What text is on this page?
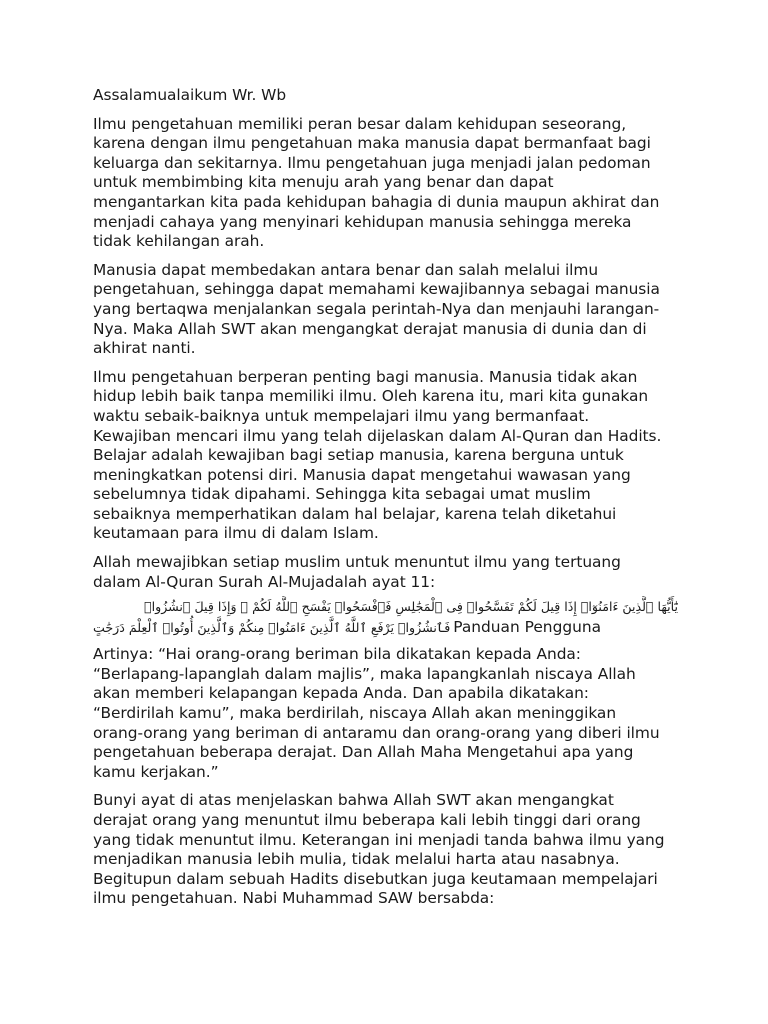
Assalamualaikum Wr. Wb
Ilmu pengetahuan memiliki peran besar dalam kehidupan seseorang,
karena dengan ilmu pengetahuan maka manusia dapat bermanfaat bagi
keluarga dan sekitarnya. Ilmu pengetahuan juga menjadi jalan pedoman
untuk membimbing kita menuju arah yang benar dan dapat
mengantarkan kita pada kehidupan bahagia di dunia maupun akhirat dan
menjadi cahaya yang menyinari kehidupan manusia sehingga mereka
tidak kehilangan arah.
Manusia dapat membedakan antara benar dan salah melalui ilmu
pengetahuan, sehingga dapat memahami kewajibannya sebagai manusia
yang bertaqwa menjalankan segala perintah-Nya dan menjauhi larangan-
Nya. Maka Allah SWT akan mengangkat derajat manusia di dunia dan di
akhirat nanti.
Ilmu pengetahuan berperan penting bagi manusia. Manusia tidak akan
hidup lebih baik tanpa memiliki ilmu. Oleh karena itu, mari kita gunakan
waktu sebaik-baiknya untuk mempelajari ilmu yang bermanfaat.
Kewajiban mencari ilmu yang telah dijelaskan dalam Al-Quran dan Hadits.
Belajar adalah kewajiban bagi setiap manusia, karena berguna untuk
meningkatkan potensi diri. Manusia dapat mengetahui wawasan yang
sebelumnya tidak dipahami. Sehingga kita sebagai umat muslim
sebaiknya memperhatikan dalam hal belajar, karena telah diketahui
keutamaan para ilmu di dalam Islam.
Allah mewajibkan setiap muslim untuk menuntut ilmu yang tertuang
dalam Al-Quran Surah Al-Mujadalah ayat 11:
يَٰٓأَيُّهَا ٱلَّذِينَ ءَامَنُوٓا۟ إِذَا قِيلَ لَكُمْ تَفَسَّحُوا۟ فِى ٱلْمَجَٰلِسِ فَٱفْسَحُوا۟ يَفْسَحِ ٱللَّهُ لَكُمْ ۖ وَإِذَا قِيلَ ٱنشُزُوا۟
Panduan Pengguna
فَٱنشُزُوا۟ يَرْفَعِ ٱللَّهُ ٱلَّذِينَ ءَامَنُوا۟ مِنكُمْ وَٱلَّذِينَ أُوتُوا۟ ٱلْعِلْمَ دَرَجَٰتٍ
Artinya: “Hai orang-orang beriman bila dikatakan kepada Anda:
“Berlapang-lapanglah dalam majlis”, maka lapangkanlah niscaya Allah
akan memberi kelapangan kepada Anda. Dan apabila dikatakan:
“Berdirilah kamu”, maka berdirilah, niscaya Allah akan meninggikan
orang-orang yang beriman di antaramu dan orang-orang yang diberi ilmu
pengetahuan beberapa derajat. Dan Allah Maha Mengetahui apa yang
kamu kerjakan.”
Bunyi ayat di atas menjelaskan bahwa Allah SWT akan mengangkat
derajat orang yang menuntut ilmu beberapa kali lebih tinggi dari orang
yang tidak menuntut ilmu. Keterangan ini menjadi tanda bahwa ilmu yang
menjadikan manusia lebih mulia, tidak melalui harta atau nasabnya.
Begitupun dalam sebuah Hadits disebutkan juga keutamaan mempelajari
ilmu pengetahuan. Nabi Muhammad SAW bersabda:
